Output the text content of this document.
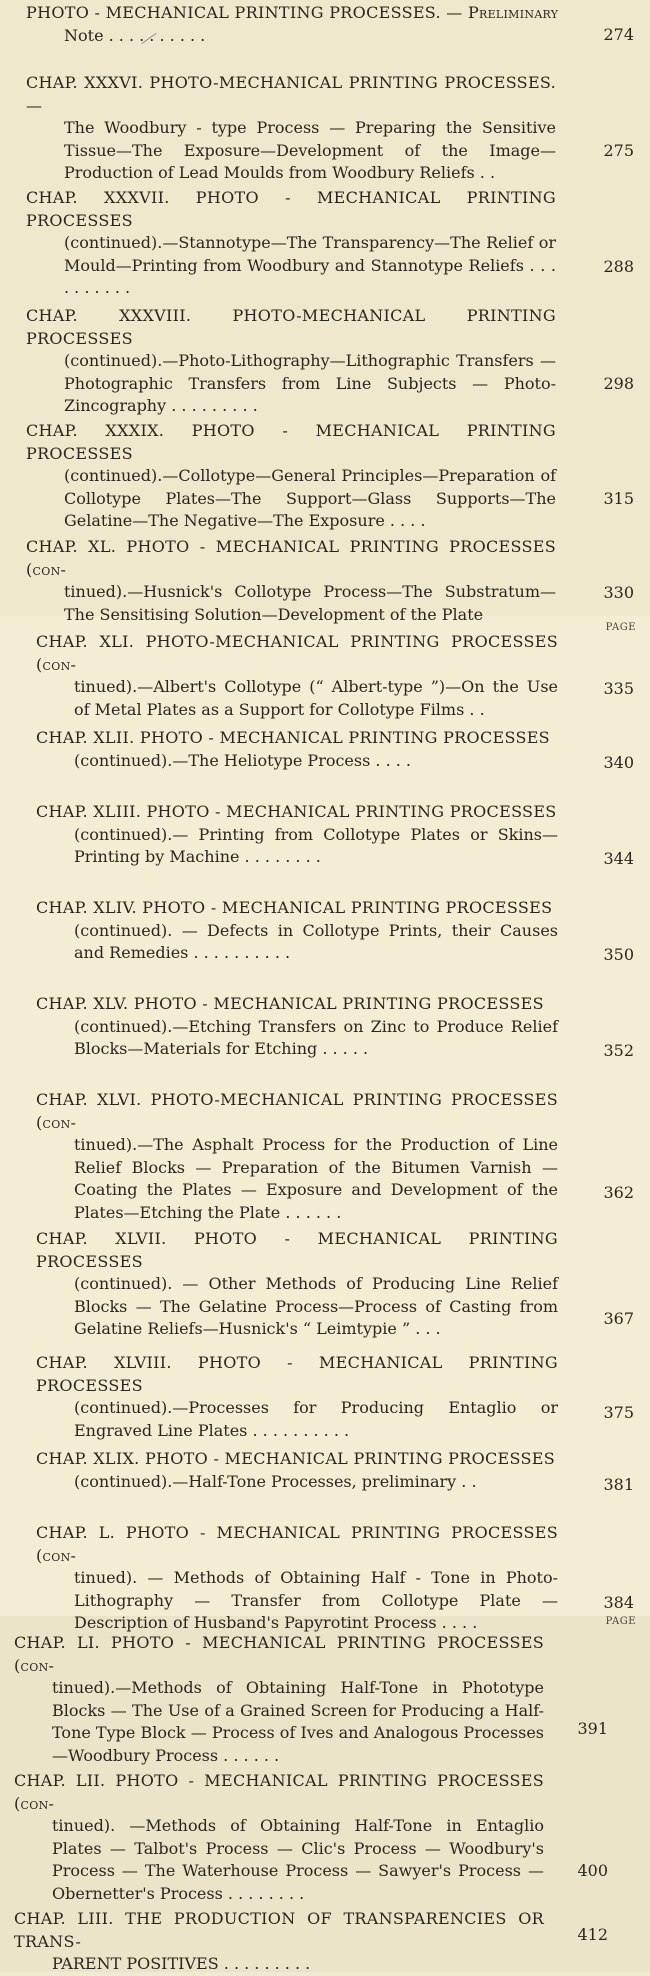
PAGE
PAGE
PHOTO - MECHANICAL PRINTING PROCESSES. — Preliminary
Note . . . . . . . . . .	274
CHAP. XXXVI. PHOTO-MECHANICAL PRINTING PROCESSES.—
The Woodbury - type Process — Preparing the Sensitive Tissue—The Exposure—Development of the Image—Production of Lead Moulds from Woodbury Reliefs . .
275
CHAP. XXXVII. PHOTO - MECHANICAL PRINTING PROCESSES
(continued).—Stannotype—The Transparency—The Relief or Mould—Printing from Woodbury and Stannotype Reliefs . . . . . . . . . .
288
CHAP. XXXVIII. PHOTO-MECHANICAL PRINTING PROCESSES
(continued).—Photo-Lithography—Lithographic Transfers — Photographic Transfers from Line Subjects — Photo-Zincography . . . . . . . . .
298
CHAP. XXXIX. PHOTO - MECHANICAL PRINTING PROCESSES
(continued).—Collotype—General Principles—Preparation of Collotype Plates—The Support—Glass Supports—The Gelatine—The Negative—The Exposure . . . .
315
CHAP. XL. PHOTO - MECHANICAL PRINTING PROCESSES (con-
tinued).—Husnick's Collotype Process—The Substratum—The Sensitising Solution—Development of the Plate
330
CHAP. XLI. PHOTO-MECHANICAL PRINTING PROCESSES (con-
tinued).—Albert's Collotype (“ Albert-type ”)—On the Use of Metal Plates as a Support for Collotype Films . .
335
CHAP. XLII. PHOTO - MECHANICAL PRINTING PROCESSES
(continued).—The Heliotype Process . . . .	340
CHAP. XLIII. PHOTO - MECHANICAL PRINTING PROCESSES
(continued).— Printing from Collotype Plates or Skins—Printing by Machine . . . . . . . .	344
CHAP. XLIV. PHOTO - MECHANICAL PRINTING PROCESSES
(continued). — Defects in Collotype Prints, their Causes and Remedies . . . . . . . . . .	350
CHAP. XLV. PHOTO - MECHANICAL PRINTING PROCESSES
(continued).—Etching Transfers on Zinc to Produce Relief Blocks—Materials for Etching . . . . .	352
CHAP. XLVI. PHOTO-MECHANICAL PRINTING PROCESSES (con-
tinued).—The Asphalt Process for the Production of Line Relief Blocks — Preparation of the Bitumen Varnish — Coating the Plates — Exposure and Development of the Plates—Etching the Plate . . . . . .
362
CHAP. XLVII. PHOTO - MECHANICAL PRINTING PROCESSES
(continued). — Other Methods of Producing Line Relief Blocks — The Gelatine Process—Process of Casting from Gelatine Reliefs—Husnick's “ Leimtypie ” . . .
367
CHAP. XLVIII. PHOTO - MECHANICAL PRINTING PROCESSES
(continued).—Processes for Producing Entaglio or Engraved Line Plates . . . . . . . . . .
375
CHAP. XLIX. PHOTO - MECHANICAL PRINTING PROCESSES
(continued).—Half-Tone Processes, preliminary . .	381
CHAP. L. PHOTO - MECHANICAL PRINTING PROCESSES (con-
tinued). — Methods of Obtaining Half - Tone in Photo-Lithography — Transfer from Collotype Plate — Description of Husband's Papyrotint Process . . . .
384
CHAP. LI. PHOTO - MECHANICAL PRINTING PROCESSES (con-
tinued).—Methods of Obtaining Half-Tone in Phototype Blocks — The Use of a Grained Screen for Producing a Half-Tone Type Block — Process of Ives and Analogous Processes—Woodbury Process . . . . . .
391
CHAP. LII. PHOTO - MECHANICAL PRINTING PROCESSES (con-
tinued). —Methods of Obtaining Half-Tone in Entaglio Plates — Talbot's Process — Clic's Process — Woodbury's Process — The Waterhouse Process — Sawyer's Process — Obernetter's Process . . . . . . . .
400
CHAP. LIII. THE PRODUCTION OF TRANSPARENCIES OR TRANS-
PARENT POSITIVES . . . . . . . . .
412
